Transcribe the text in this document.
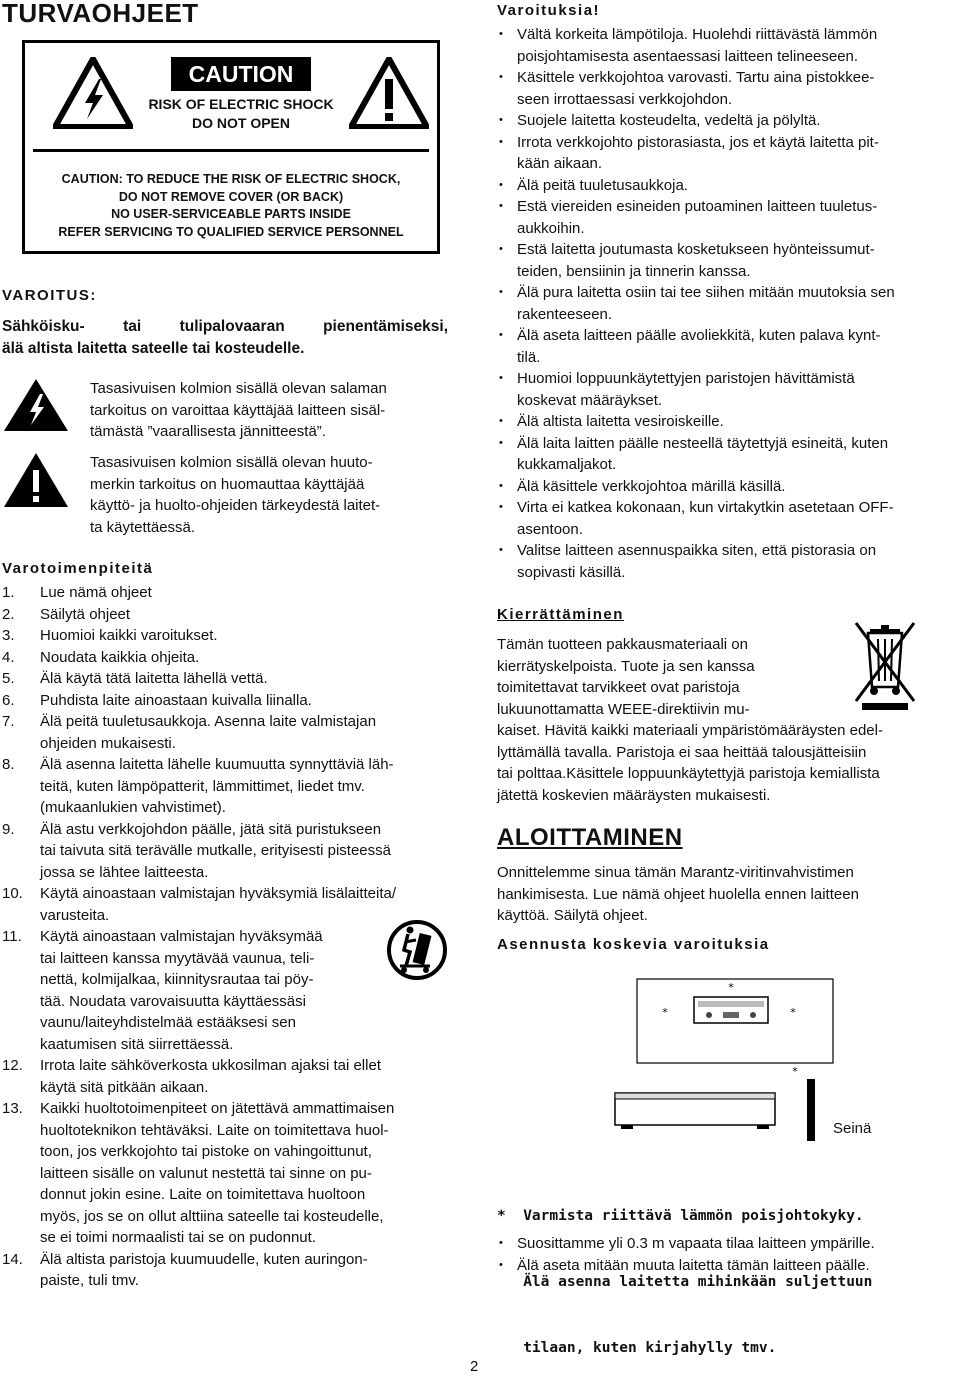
TURVAOHJEET
CAUTION
RISK OF ELECTRIC SHOCK
DO NOT OPEN
CAUTION: TO REDUCE THE RISK OF ELECTRIC SHOCK,
DO NOT REMOVE COVER (OR BACK)
NO USER-SERVICEABLE PARTS INSIDE
REFER SERVICING TO QUALIFIED SERVICE PERSONNEL
VAROITUS:
Sähköisku- tai tulipalovaaran pienentämiseksi,
älä altista laitetta sateelle tai kosteudelle.
Tasasivuisen kolmion sisällä olevan salaman
tarkoitus on varoittaa käyttäjää laitteen sisäl-
tämästä ”vaarallisesta jännitteestä”.
Tasasivuisen kolmion sisällä olevan huuto-
merkin tarkoitus on huomauttaa käyttäjää
käyttö- ja huolto-ohjeiden tärkeydestä laitet-
ta käytettäessä.
Varotoimenpiteitä
1. Lue nämä ohjeet
2. Säilytä ohjeet
3. Huomioi kaikki varoitukset.
4. Noudata kaikkia ohjeita.
5. Älä käytä tätä laitetta lähellä vettä.
6. Puhdista laite ainoastaan kuivalla liinalla.
7. Älä peitä tuuletusaukkoja. Asenna laite valmistajan
ohjeiden mukaisesti.
8. Älä asenna laitetta lähelle kuumuutta synnyttäviä läh-
teitä, kuten lämpöpatterit, lämmittimet, liedet tmv.
(mukaanlukien vahvistimet).
9. Älä astu verkkojohdon päälle, jätä sitä puristukseen
tai taivuta sitä terävälle mutkalle, erityisesti pisteessä
jossa se lähtee laitteesta.
10. Käytä ainoastaan valmistajan hyväksymiä lisälaitteita/
varusteita.
11. Käytä ainoastaan valmistajan hyväksymää
tai laitteen kanssa myytävää vaunua, teli-
nettä, kolmijalkaa, kiinnitysrautaa tai pöy-
tää. Noudata varovaisuutta käyttäessäsi
vaunu/laiteyhdistelmää estääksesi sen
kaatumisen sitä siirrettäessä.
12. Irrota laite sähköverkosta ukkosilman ajaksi tai ellet
käytä sitä pitkään aikaan.
13. Kaikki huoltotoimenpiteet on jätettävä ammattimaisen
huoltoteknikon tehtäväksi. Laite on toimitettava huol-
toon, jos verkkojohto tai pistoke on vahingoittunut,
laitteen sisälle on valunut nestettä tai sinne on pu-
donnut jokin esine. Laite on toimitettava huoltoon
myös, jos se on ollut alttiina sateelle tai kosteudelle,
se ei toimi normaalisti tai se on pudonnut.
14. Älä altista paristoja kuumuudelle, kuten auringon-
paiste, tuli tmv.
Varoituksia!
• Vältä korkeita lämpötiloja. Huolehdi riittävästä lämmön
poisjohtamisesta asentaessasi laitteen telineeseen.
• Käsittele verkkojohtoa varovasti. Tartu aina pistokkee-
seen irrottaessasi verkkojohdon.
• Suojele laitetta kosteudelta, vedeltä ja pölyltä.
• Irrota verkkojohto pistorasiasta, jos et käytä laitetta pit-
kään aikaan.
• Älä peitä tuuletusaukkoja.
• Estä viereiden esineiden putoaminen laitteen tuuletus-
aukkoihin.
• Estä laitetta joutumasta kosketukseen hyönteissumut-
teiden, bensiinin ja tinnerin kanssa.
• Älä pura laitetta osiin tai tee siihen mitään muutoksia sen
rakenteeseen.
• Älä aseta laitteen päälle avoliekkitä, kuten palava kynt-
tilä.
• Huomioi loppuunkäytettyjen paristojen hävittämistä
koskevat määräykset.
• Älä altista laitetta vesiroiskeille.
• Älä laita laitten päälle nesteellä täytettyjä esineitä, kuten
kukkamaljakot.
• Älä käsittele verkkojohtoa märillä käsillä.
• Virta ei katkea kokonaan, kun virtakytkin asetetaan OFF-
asentoon.
• Valitse laitteen asennuspaikka siten, että pistorasia on
sopivasti käsillä.
Kierrättäminen
Tämän tuotteen pakkausmateriaali on
kierrätyskelpoista. Tuote ja sen kanssa
toimitettavat tarvikkeet ovat paristoja
lukuunottamatta WEEE-direktiivin mu-
kaiset. Hävitä kaikki materiaali ympäristömääräysten edel-
lyttämällä tavalla. Paristoja ei saa heittää talousjätteisiin
tai polttaa.Käsittele loppuunkäytettyjä paristoja kemiallista
jätettä koskevien määräysten mukaisesti.
ALOITTAMINEN
Onnittelemme sinua tämän Marantz-viritinvahvistimen
hankimisesta. Lue nämä ohjeet huolella ennen laitteen
käyttöä. Säilytä ohjeet.
Asennusta koskevia varoituksia
*
*	*
*
Seinä

*  Varmista riittävä lämmön poisjohtokyky.

Älä asenna laitetta mihinkään suljettuun

tilaan, kuten kirjahylly tmv.

• Suosittamme yli 0.3 m vapaata tilaa laitteen ympärille.
• Älä aseta mitään muuta laitetta tämän laitteen päälle.
2
